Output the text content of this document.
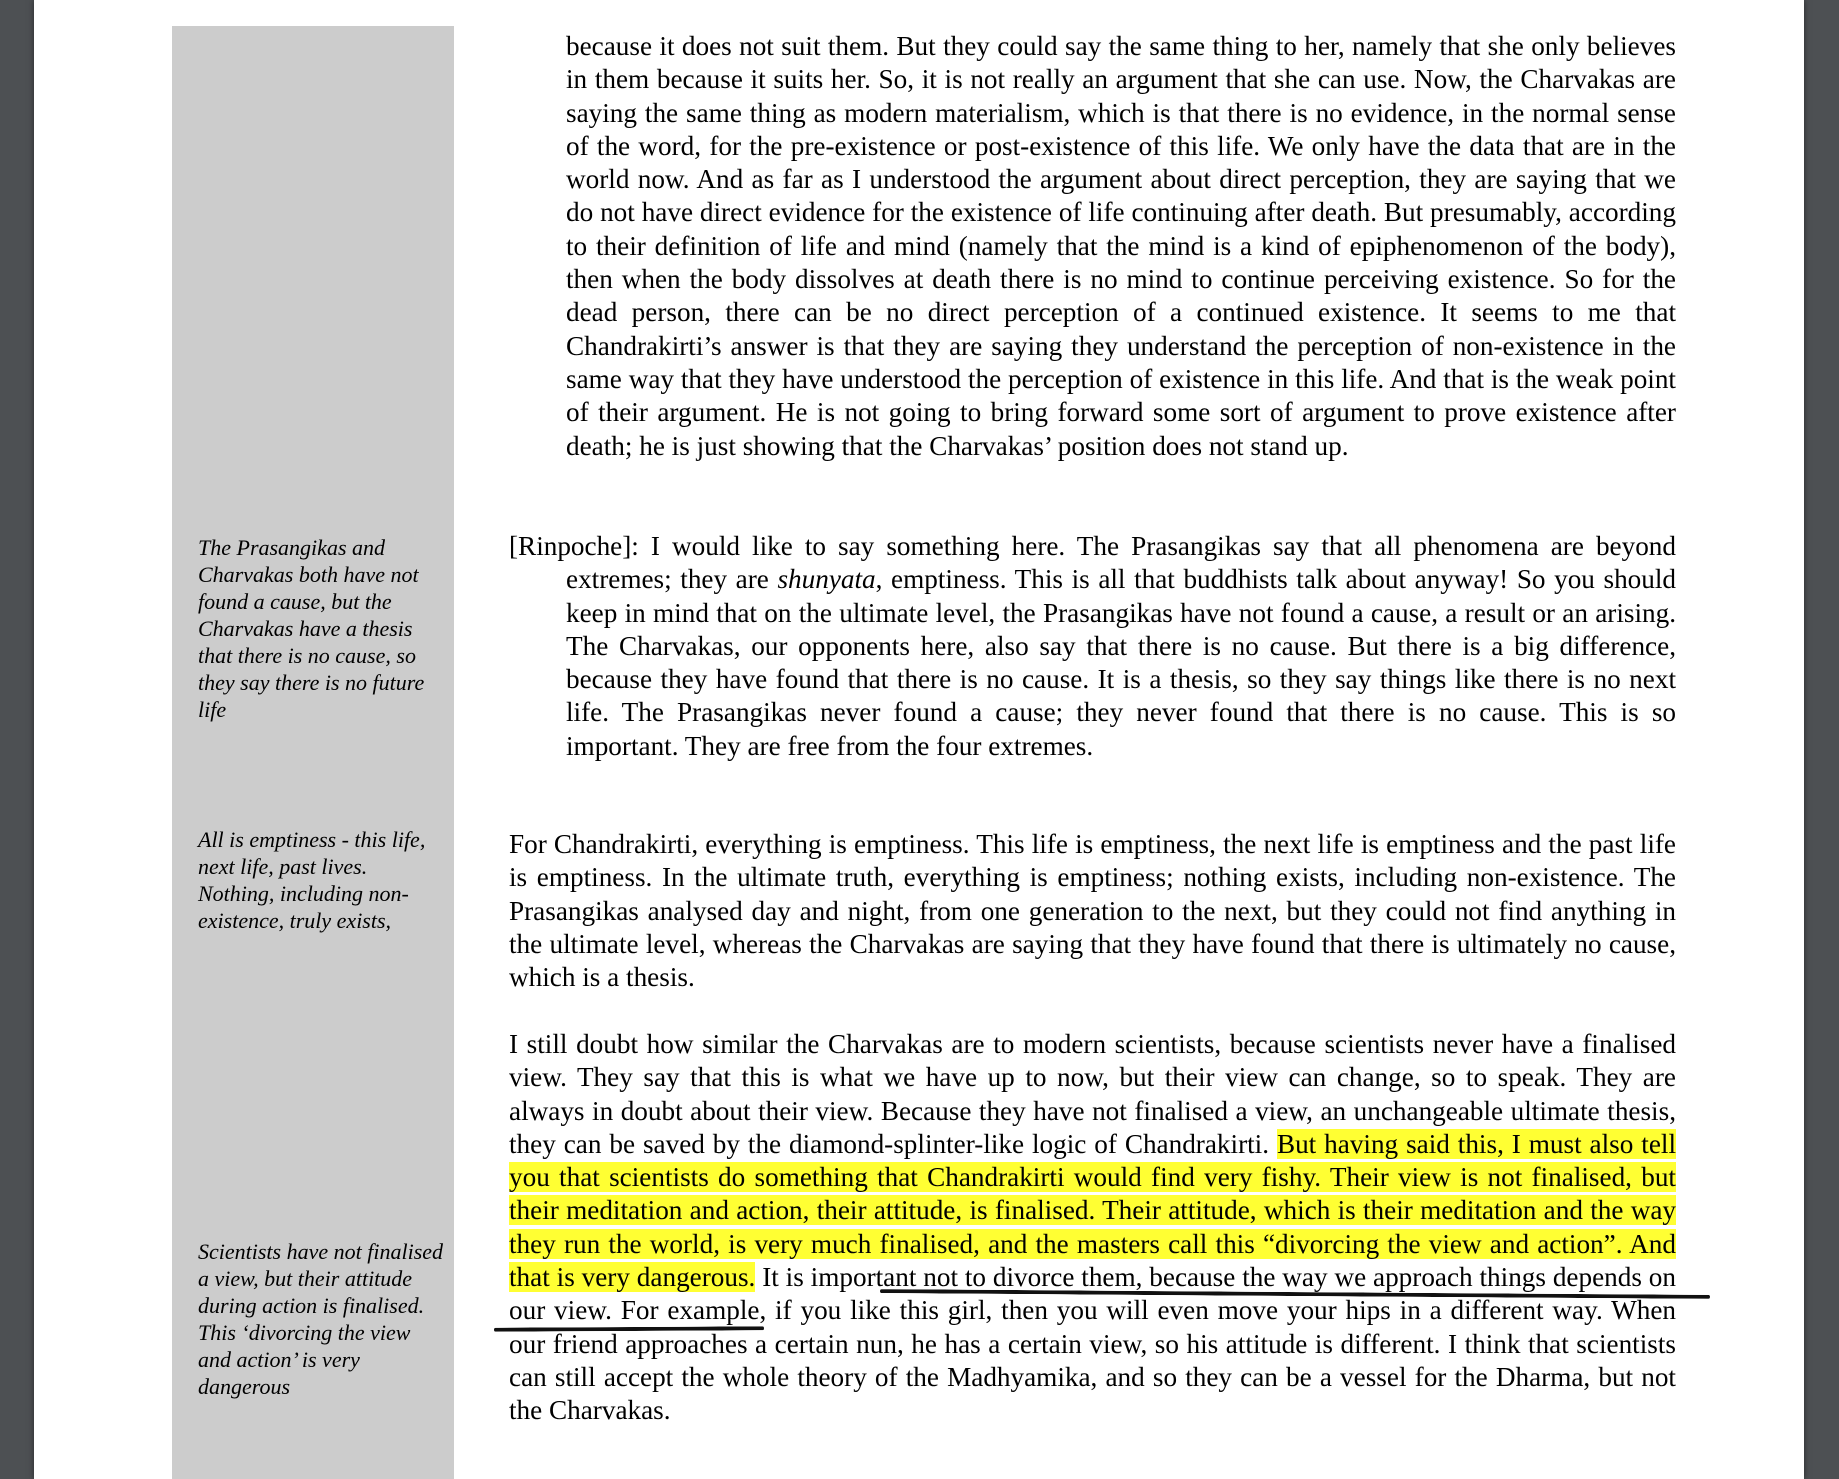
The Prasangikas and Charvakas both have not found a cause, but the Charvakas have a thesis that there is no cause, so they say there is no future life
All is emptiness - this life, next life, past lives. Nothing, including non-existence, truly exists,
Scientists have not finalised a view, but their attitude during action is finalised. This ‘divorcing the view and action’ is very dangerous

because it does not suit them. But they could say the same thing to her, namely that she only believes in them because it suits her. So, it is not really an argument that she can use. Now, the Charvakas are saying the same thing as modern materialism, which is that there is no evidence, in the normal sense of the word, for the pre-existence or post-existence of this life. We only have the data that are in the world now. And as far as I understood the argument about direct perception, they are saying that we do not have direct evidence for the existence of life continuing after death. But presumably, according to their definition of life and mind (namely that the mind is a kind of epiphenomenon of the body), then when the body dissolves at death there is no mind to continue perceiving existence. So for the dead person, there can be no direct perception of a continued existence. It seems to me that Chandrakirti’s answer is that they are saying they understand the perception of non-existence in the same way that they have understood the perception of existence in this life. And that is the weak point of their argument. He is not going to bring forward some sort of argument to prove existence after death; he is just showing that the Charvakas’ position does not stand up.

[Rinpoche]: I would like to say something here. The Prasangikas say that all phenomena are beyond extremes; they are shunyata, emptiness. This is all that buddhists talk about anyway! So you should keep in mind that on the ultimate level, the Prasangikas have not found a cause, a result or an arising. The Charvakas, our opponents here, also say that there is no cause. But there is a big difference, because they have found that there is no cause. It is a thesis, so they say things like there is no next life. The Prasangikas never found a cause; they never found that there is no cause. This is so important. They are free from the four extremes.

For Chandrakirti, everything is emptiness. This life is emptiness, the next life is emptiness and the past life is emptiness. In the ultimate truth, everything is emptiness; nothing exists, including non-existence. The Prasangikas analysed day and night, from one generation to the next, but they could not find anything in the ultimate level, whereas the Charvakas are saying that they have found that there is ultimately no cause, which is a thesis.

I still doubt how similar the Charvakas are to modern scientists, because scientists never have a finalised view. They say that this is what we have up to now, but their view can change, so to speak. They are always in doubt about their view. Because they have not finalised a view, an unchangeable ultimate thesis, they can be saved by the diamond-splinter-like logic of Chandrakirti. But having said this, I must also tell you that scientists do something that Chandrakirti would find very fishy. Their view is not finalised, but their meditation and action, their attitude, is finalised. Their attitude, which is their meditation and the way they run the world, is very much finalised, and the masters call this “divorcing the view and action”. And that is very dangerous. It is important not to divorce them, because the way we approach things depends on our view. For example, if you like this girl, then you will even move your hips in a different way. When our friend approaches a certain nun, he has a certain view, so his attitude is different. I think that scientists can still accept the whole theory of the Madhyamika, and so they can be a vessel for the Dharma, but not the Charvakas.
